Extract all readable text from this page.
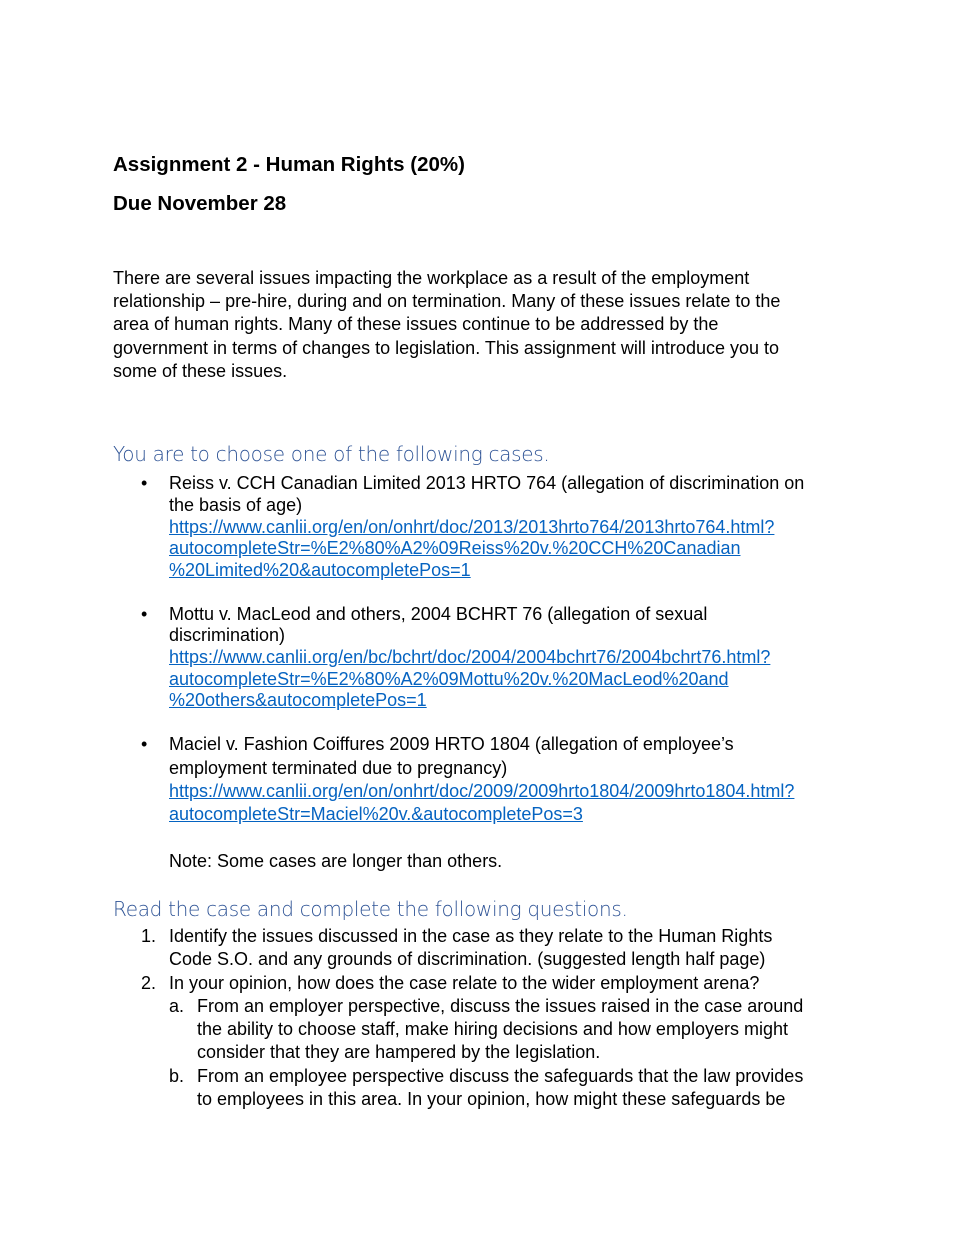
Assignment 2 - Human Rights (20%)
Due November 28
There are several issues impacting the workplace as a result of the employment
relationship – pre-hire, during and on termination. Many of these issues relate to the
area of human rights. Many of these issues continue to be addressed by the
government in terms of changes to legislation. This assignment will introduce you to
some of these issues.
You are to choose one of the following cases.
• Reiss v. CCH Canadian Limited 2013 HRTO 764 (allegation of discrimination on
the basis of age)
https://www.canlii.org/en/on/onhrt/doc/2013/2013hrto764/2013hrto764.html?
autocompleteStr=%E2%80%A2%09Reiss%20v.%20CCH%20Canadian
%20Limited%20&autocompletePos=1
• Mottu v. MacLeod and others, 2004 BCHRT 76 (allegation of sexual
discrimination)
https://www.canlii.org/en/bc/bchrt/doc/2004/2004bchrt76/2004bchrt76.html?
autocompleteStr=%E2%80%A2%09Mottu%20v.%20MacLeod%20and
%20others&autocompletePos=1
• Maciel v. Fashion Coiffures 2009 HRTO 1804 (allegation of employee’s
employment terminated due to pregnancy)
https://www.canlii.org/en/on/onhrt/doc/2009/2009hrto1804/2009hrto1804.html?
autocompleteStr=Maciel%20v.&autocompletePos=3
Note: Some cases are longer than others.
Read the case and complete the following questions.
1. Identify the issues discussed in the case as they relate to the Human Rights
Code S.O. and any grounds of discrimination. (suggested length half page)
2. In your opinion, how does the case relate to the wider employment arena?
a. From an employer perspective, discuss the issues raised in the case around
the ability to choose staff, make hiring decisions and how employers might
consider that they are hampered by the legislation.
b. From an employee perspective discuss the safeguards that the law provides
to employees in this area. In your opinion, how might these safeguards be
